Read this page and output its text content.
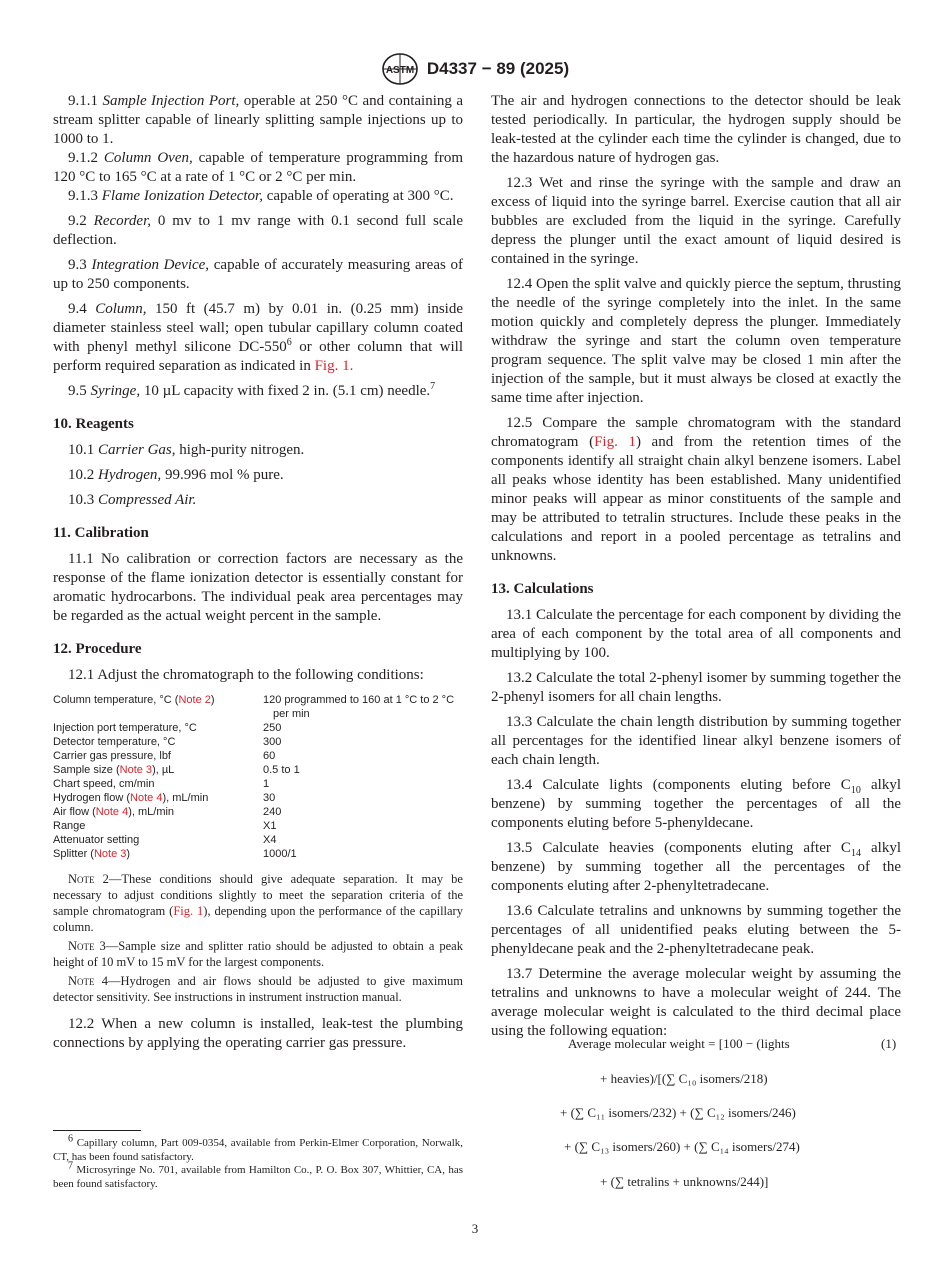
ASTM D4337 − 89 (2025)

9.1.1 Sample Injection Port, operable at 250 °C and containing a stream splitter capable of linearly splitting sample injections up to 1000 to 1.

9.1.2 Column Oven, capable of temperature programming from 120 °C to 165 °C at a rate of 1 °C or 2 °C per min.

9.1.3 Flame Ionization Detector, capable of operating at 300 °C.

9.2 Recorder, 0 mv to 1 mv range with 0.1 second full scale deflection.

9.3 Integration Device, capable of accurately measuring areas of up to 250 components.

9.4 Column, 150 ft (45.7 m) by 0.01 in. (0.25 mm) inside diameter stainless steel wall; open tubular capillary column coated with phenyl methyl silicone $DC-550^6$ or other column that will perform required separation as indicated in Fig. 1.

9.5 Syringe, 10 µL capacity with fixed 2 in. (5.1 cm) needle.$^7$

10. Reagents

10.1 Carrier Gas, high-purity nitrogen.

10.2 Hydrogen, 99.996 mol % pure.

10.3 Compressed Air.

11. Calibration

11.1 No calibration or correction factors are necessary as the response of the flame ionization detector is essentially constant for aromatic hydrocarbons. The individual peak area percentages may be regarded as the actual weight percent in the sample.

12. Procedure

12.1 Adjust the chromatograph to the following conditions:

Column temperature, °C (Note 2)	120 programmed to 160 at 1 °C to 2 °C
per min

Injection port temperature, °C	250

Detector temperature, °C	300

Carrier gas pressure, lbf	60

Sample size (Note 3), µL	0.5 to 1

Chart speed, cm/min	1

Hydrogen flow (Note 4), mL/min	30

Air flow (Note 4), mL/min	240

Range	X1

Attenuator setting	X4

Splitter (Note 3)	1000/1

Note 2—These conditions should give adequate separation. It may be necessary to adjust conditions slightly to meet the separation criteria of the sample chromatogram (Fig. 1), depending upon the performance of the capillary column.

Note 3—Sample size and splitter ratio should be adjusted to obtain a peak height of 10 mV to 15 mV for the largest components.

Note 4—Hydrogen and air flows should be adjusted to give maximum detector sensitivity. See instructions in instrument instruction manual.

12.2 When a new column is installed, leak-test the plumbing connections by applying the operating carrier gas pressure.

$^6$ Capillary column, Part 009-0354, available from Perkin-Elmer Corporation, Norwalk, CT, has been found satisfactory.

$^7$ Microsyringe No. 701, available from Hamilton Co., P. O. Box 307, Whittier, CA, has been found satisfactory.

The air and hydrogen connections to the detector should be leak tested periodically. In particular, the hydrogen supply should be leak-tested at the cylinder each time the cylinder is changed, due to the hazardous nature of hydrogen gas.

12.3 Wet and rinse the syringe with the sample and draw an excess of liquid into the syringe barrel. Exercise caution that all air bubbles are excluded from the liquid in the syringe. Carefully depress the plunger until the exact amount of liquid desired is contained in the syringe.

12.4 Open the split valve and quickly pierce the septum, thrusting the needle of the syringe completely into the inlet. In the same motion quickly and completely depress the plunger. Immediately withdraw the syringe and start the column oven temperature program sequence. The split valve may be closed 1 min after the injection of the sample, but it must always be closed at exactly the same time after injection.

12.5 Compare the sample chromatogram with the standard chromatogram (Fig. 1) and from the retention times of the components identify all straight chain alkyl benzene isomers. Label all peaks whose identity has been established. Many unidentified minor peaks will appear as minor constituents of the sample and may be attributed to tetralin structures. Include these peaks in the calculations and report in a pooled percentage as tetralins and unknowns.

13. Calculations

13.1 Calculate the percentage for each component by dividing the area of each component by the total area of all components and multiplying by 100.

13.2 Calculate the total 2-phenyl isomer by summing together the 2-phenyl isomers for all chain lengths.

13.3 Calculate the chain length distribution by summing together all percentages for the identified linear alkyl benzene isomers of each chain length.

13.4 Calculate lights (components eluting before $C_{10}$ alkyl benzene) by summing together the percentages of all the components eluting before 5-phenyldecane.

13.5 Calculate heavies (components eluting after $C_{14}$ alkyl benzene) by summing together all the percentages of the components eluting after 2-phenyltetradecane.

13.6 Calculate tetralins and unknowns by summing together the percentages of all unidentified peaks eluting between the 5-phenyldecane peak and the 2-phenyltetradecane peak.

13.7 Determine the average molecular weight by assuming the tetralins and unknowns to have a molecular weight of 244. The average molecular weight is calculated to the third decimal place using the following equation:

Average molecular weight = [100 − (lights	(1)
+ heavies)/[(∑ C₁₀ isomers/218)
+ (∑ C₁₁ isomers/232) + (∑ C₁₂ isomers/246)
+ (∑ C₁₃ isomers/260) + (∑ C₁₄ isomers/274)
+ (∑ tetralins + unknowns/244)]
3
